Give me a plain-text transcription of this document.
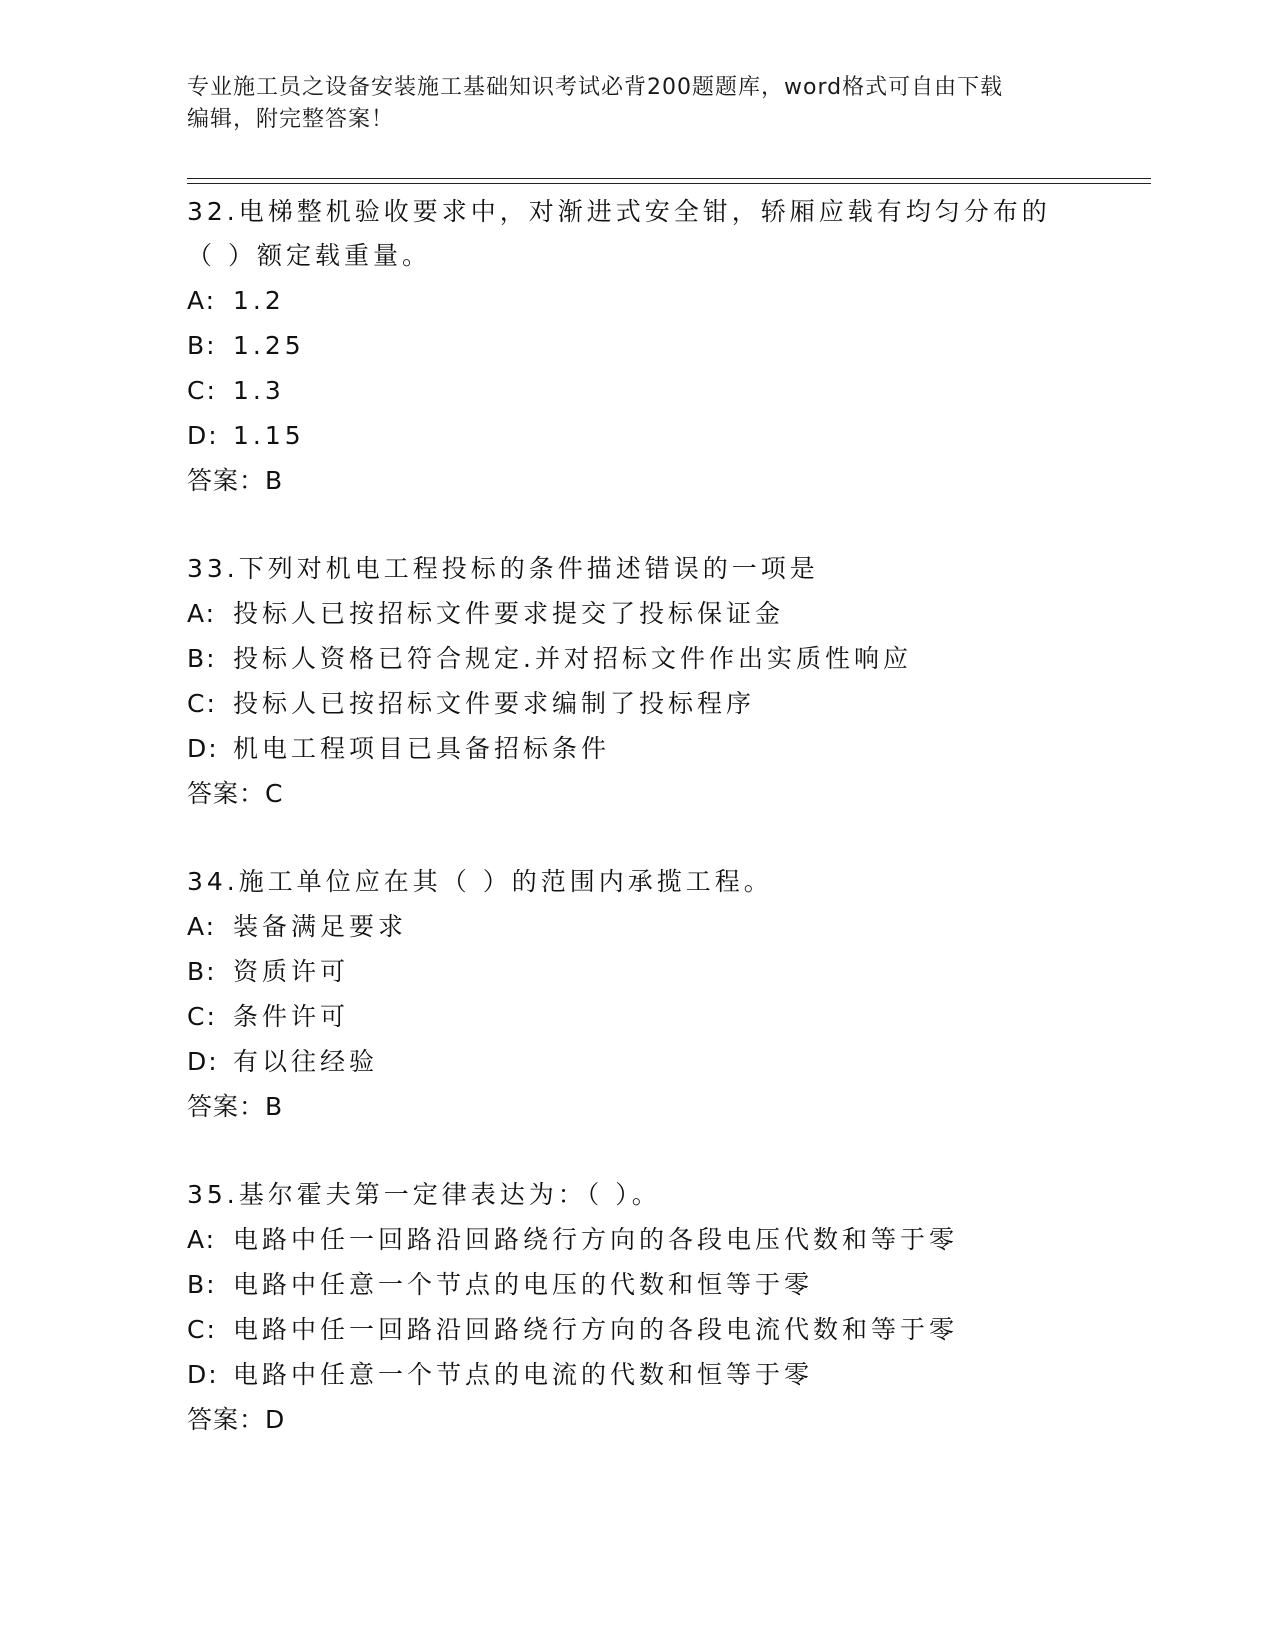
专业施工员之设备安装施工基础知识考试必背200题题库，word格式可自由下载
编辑，附完整答案！

32.电梯整机验收要求中，对渐进式安全钳，轿厢应载有均匀分布的（ ）额定载重量。

A: 1.2

B: 1.25

C: 1.3

D: 1.15

答案：B

33.下列对机电工程投标的条件描述错误的一项是

A: 投标人已按招标文件要求提交了投标保证金

B: 投标人资格已符合规定.并对招标文件作出实质性响应

C: 投标人已按招标文件要求编制了投标程序

D: 机电工程项目已具备招标条件

答案：C

34.施工单位应在其（ ）的范围内承揽工程。

A: 装备满足要求

B: 资质许可

C: 条件许可

D: 有以往经验

答案：B

35.基尔霍夫第一定律表达为：（ ）。

A: 电路中任一回路沿回路绕行方向的各段电压代数和等于零

B: 电路中任意一个节点的电压的代数和恒等于零

C: 电路中任一回路沿回路绕行方向的各段电流代数和等于零

D: 电路中任意一个节点的电流的代数和恒等于零

答案：D
